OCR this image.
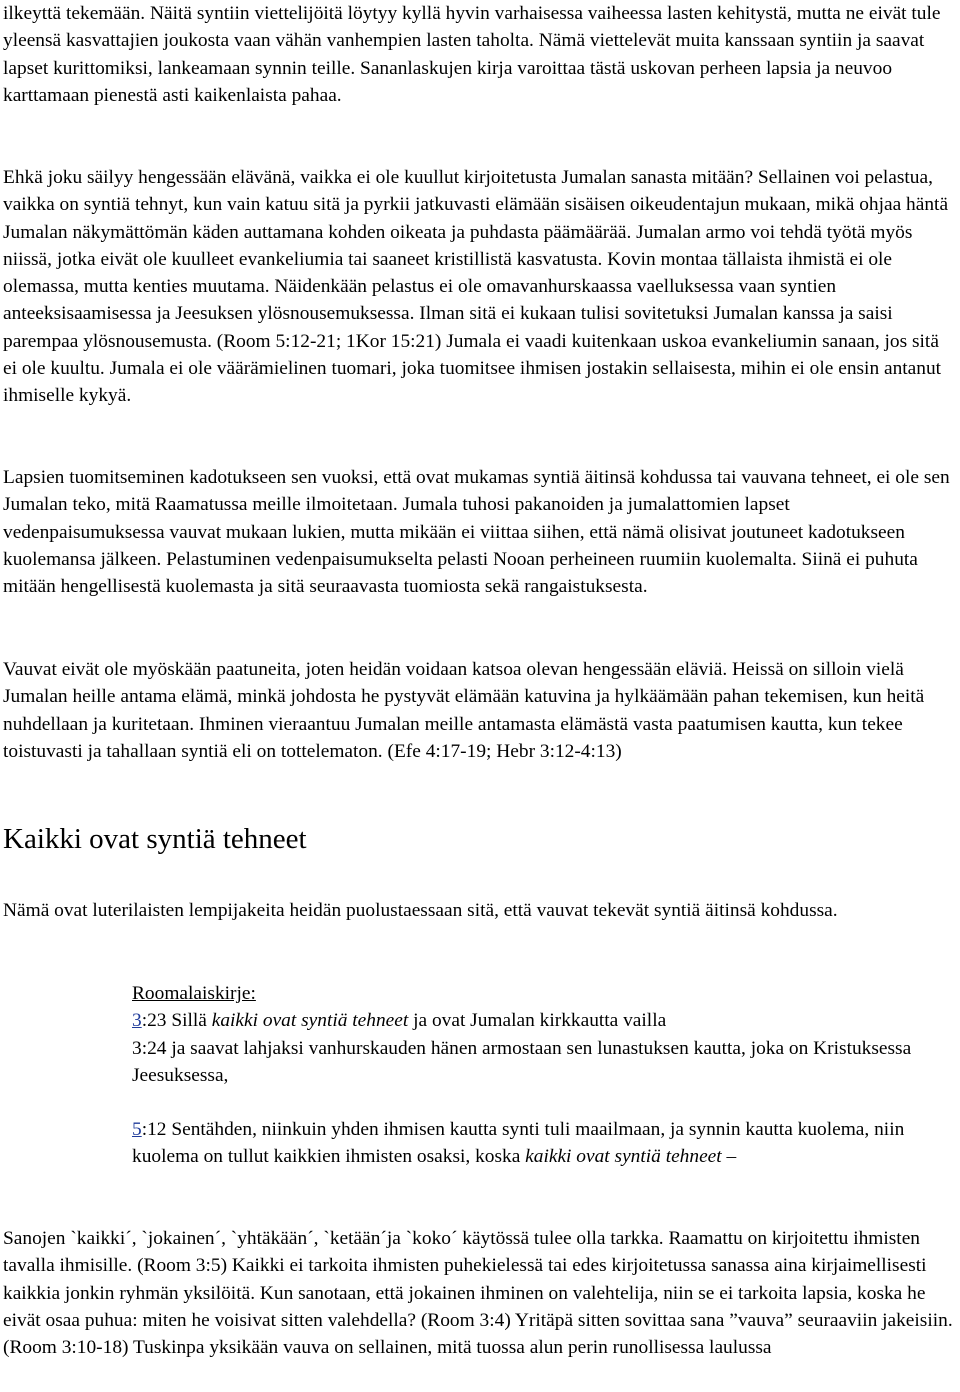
ilkeyttä tekemään. Näitä syntiin viettelijöitä löytyy kyllä hyvin varhaisessa vaiheessa lasten kehitystä, mutta ne eivät tule yleensä kasvattajien joukosta vaan vähän vanhempien lasten taholta. Nämä viettelevät muita kanssaan syntiin ja saavat lapset kurittomiksi, lankeamaan synnin teille. Sananlaskujen kirja varoittaa tästä uskovan perheen lapsia ja neuvoo karttamaan pienestä asti kaikenlaista pahaa.

Ehkä joku säilyy hengessään elävänä, vaikka ei ole kuullut kirjoitetusta Jumalan sanasta mitään? Sellainen voi pelastua, vaikka on syntiä tehnyt, kun vain katuu sitä ja pyrkii jatkuvasti elämään sisäisen oikeudentajun mukaan, mikä ohjaa häntä Jumalan näkymättömän käden auttamana kohden oikeata ja puhdasta päämäärää. Jumalan armo voi tehdä työtä myös niissä, jotka eivät ole kuulleet evankeliumia tai saaneet kristillistä kasvatusta. Kovin montaa tällaista ihmistä ei ole olemassa, mutta kenties muutama. Näidenkään pelastus ei ole omavanhurskaassa vaelluksessa vaan syntien anteeksisaamisessa ja Jeesuksen ylösnousemuksessa. Ilman sitä ei kukaan tulisi sovitetuksi Jumalan kanssa ja saisi parempaa ylösnousemusta. (Room 5:12-21; 1Kor 15:21) Jumala ei vaadi kuitenkaan uskoa evankeliumin sanaan, jos sitä ei ole kuultu. Jumala ei ole väärämielinen tuomari, joka tuomitsee ihmisen jostakin sellaisesta, mihin ei ole ensin antanut ihmiselle kykyä.

Lapsien tuomitseminen kadotukseen sen vuoksi, että ovat mukamas syntiä äitinsä kohdussa tai vauvana tehneet, ei ole sen Jumalan teko, mitä Raamatussa meille ilmoitetaan. Jumala tuhosi pakanoiden ja jumalattomien lapset vedenpaisumuksessa vauvat mukaan lukien, mutta mikään ei viittaa siihen, että nämä olisivat joutuneet kadotukseen kuolemansa jälkeen. Pelastuminen vedenpaisumukselta pelasti Nooan perheineen ruumiin kuolemalta. Siinä ei puhuta mitään hengellisestä kuolemasta ja sitä seuraavasta tuomiosta sekä rangaistuksesta.

Vauvat eivät ole myöskään paatuneita, joten heidän voidaan katsoa olevan hengessään eläviä. Heissä on silloin vielä Jumalan heille antama elämä, minkä johdosta he pystyvät elämään katuvina ja hylkäämään pahan tekemisen, kun heitä nuhdellaan ja kuritetaan. Ihminen vieraantuu Jumalan meille antamasta elämästä vasta paatumisen kautta, kun tekee toistuvasti ja tahallaan syntiä eli on tottelematon. (Efe 4:17-19; Hebr 3:12-4:13)

Kaikki ovat syntiä tehneet

Nämä ovat luterilaisten lempijakeita heidän puolustaessaan sitä, että vauvat tekevät syntiä äitinsä kohdussa.

Roomalaiskirje:
3:23 Sillä kaikki ovat syntiä tehneet ja ovat Jumalan kirkkautta vailla
3:24 ja saavat lahjaksi vanhurskauden hänen armostaan sen lunastuksen kautta, joka on Kristuksessa Jeesuksessa,
5:12 Sentähden, niinkuin yhden ihmisen kautta synti tuli maailmaan, ja synnin kautta kuolema, niin kuolema on tullut kaikkien ihmisten osaksi, koska kaikki ovat syntiä tehneet –

Sanojen `kaikki´, `jokainen´, `yhtäkään´, `ketään´ja `koko´ käytössä tulee olla tarkka. Raamattu on kirjoitettu ihmisten tavalla ihmisille. (Room 3:5) Kaikki ei tarkoita ihmisten puhekielessä tai edes kirjoitetussa sanassa aina kirjaimellisesti kaikkia jonkin ryhmän yksilöitä. Kun sanotaan, että jokainen ihminen on valehtelija, niin se ei tarkoita lapsia, koska he eivät osaa puhua: miten he voisivat sitten valehdella? (Room 3:4) Yritäpä sitten sovittaa sana ”vauva” seuraaviin jakeisiin. (Room 3:10-18) Tuskinpa yksikään vauva on sellainen, mitä tuossa alun perin runollisessa laulussa
